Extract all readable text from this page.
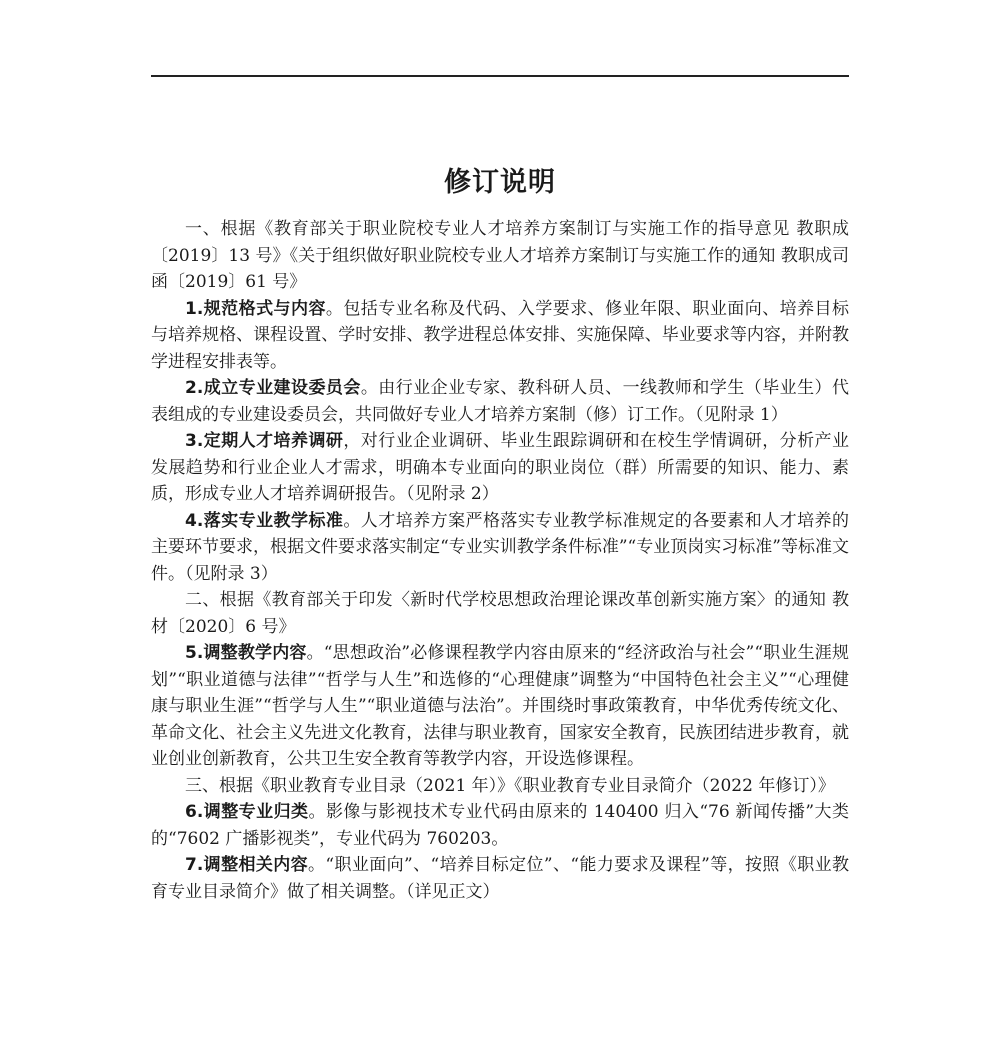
修订说明

一、根据《教育部关于职业院校专业人才培养方案制订与实施工作的指导意见 教职成〔2019〕13 号》《关于组织做好职业院校专业人才培养方案制订与实施工作的通知 教职成司函〔2019〕61 号》

1.规范格式与内容。包括专业名称及代码、入学要求、修业年限、职业面向、培养目标与培养规格、课程设置、学时安排、教学进程总体安排、实施保障、毕业要求等内容，并附教学进程安排表等。

2.成立专业建设委员会。由行业企业专家、教科研人员、一线教师和学生（毕业生）代表组成的专业建设委员会，共同做好专业人才培养方案制（修）订工作。（见附录 1）

3.定期人才培养调研，对行业企业调研、毕业生跟踪调研和在校生学情调研，分析产业发展趋势和行业企业人才需求，明确本专业面向的职业岗位（群）所需要的知识、能力、素质，形成专业人才培养调研报告。（见附录 2）

4.落实专业教学标准。人才培养方案严格落实专业教学标准规定的各要素和人才培养的主要环节要求，根据文件要求落实制定“专业实训教学条件标准”“专业顶岗实习标准”等标准文件。（见附录 3）

二、根据《教育部关于印发〈新时代学校思想政治理论课改革创新实施方案〉的通知 教材〔2020〕6 号》

5.调整教学内容。“思想政治”必修课程教学内容由原来的“经济政治与社会”“职业生涯规划”“职业道德与法律”“哲学与人生”和选修的“心理健康”调整为“中国特色社会主义”“心理健康与职业生涯”“哲学与人生”“职业道德与法治”。并围绕时事政策教育，中华优秀传统文化、革命文化、社会主义先进文化教育，法律与职业教育，国家安全教育，民族团结进步教育，就业创业创新教育，公共卫生安全教育等教学内容，开设选修课程。

三、根据《职业教育专业目录（2021 年）》《职业教育专业目录简介（2022 年修订）》

6.调整专业归类。影像与影视技术专业代码由原来的 140400 归入“76 新闻传播”大类的“7602 广播影视类”，专业代码为 760203。

7.调整相关内容。“职业面向”、“培养目标定位”、“能力要求及课程”等，按照《职业教育专业目录简介》做了相关调整。（详见正文）
